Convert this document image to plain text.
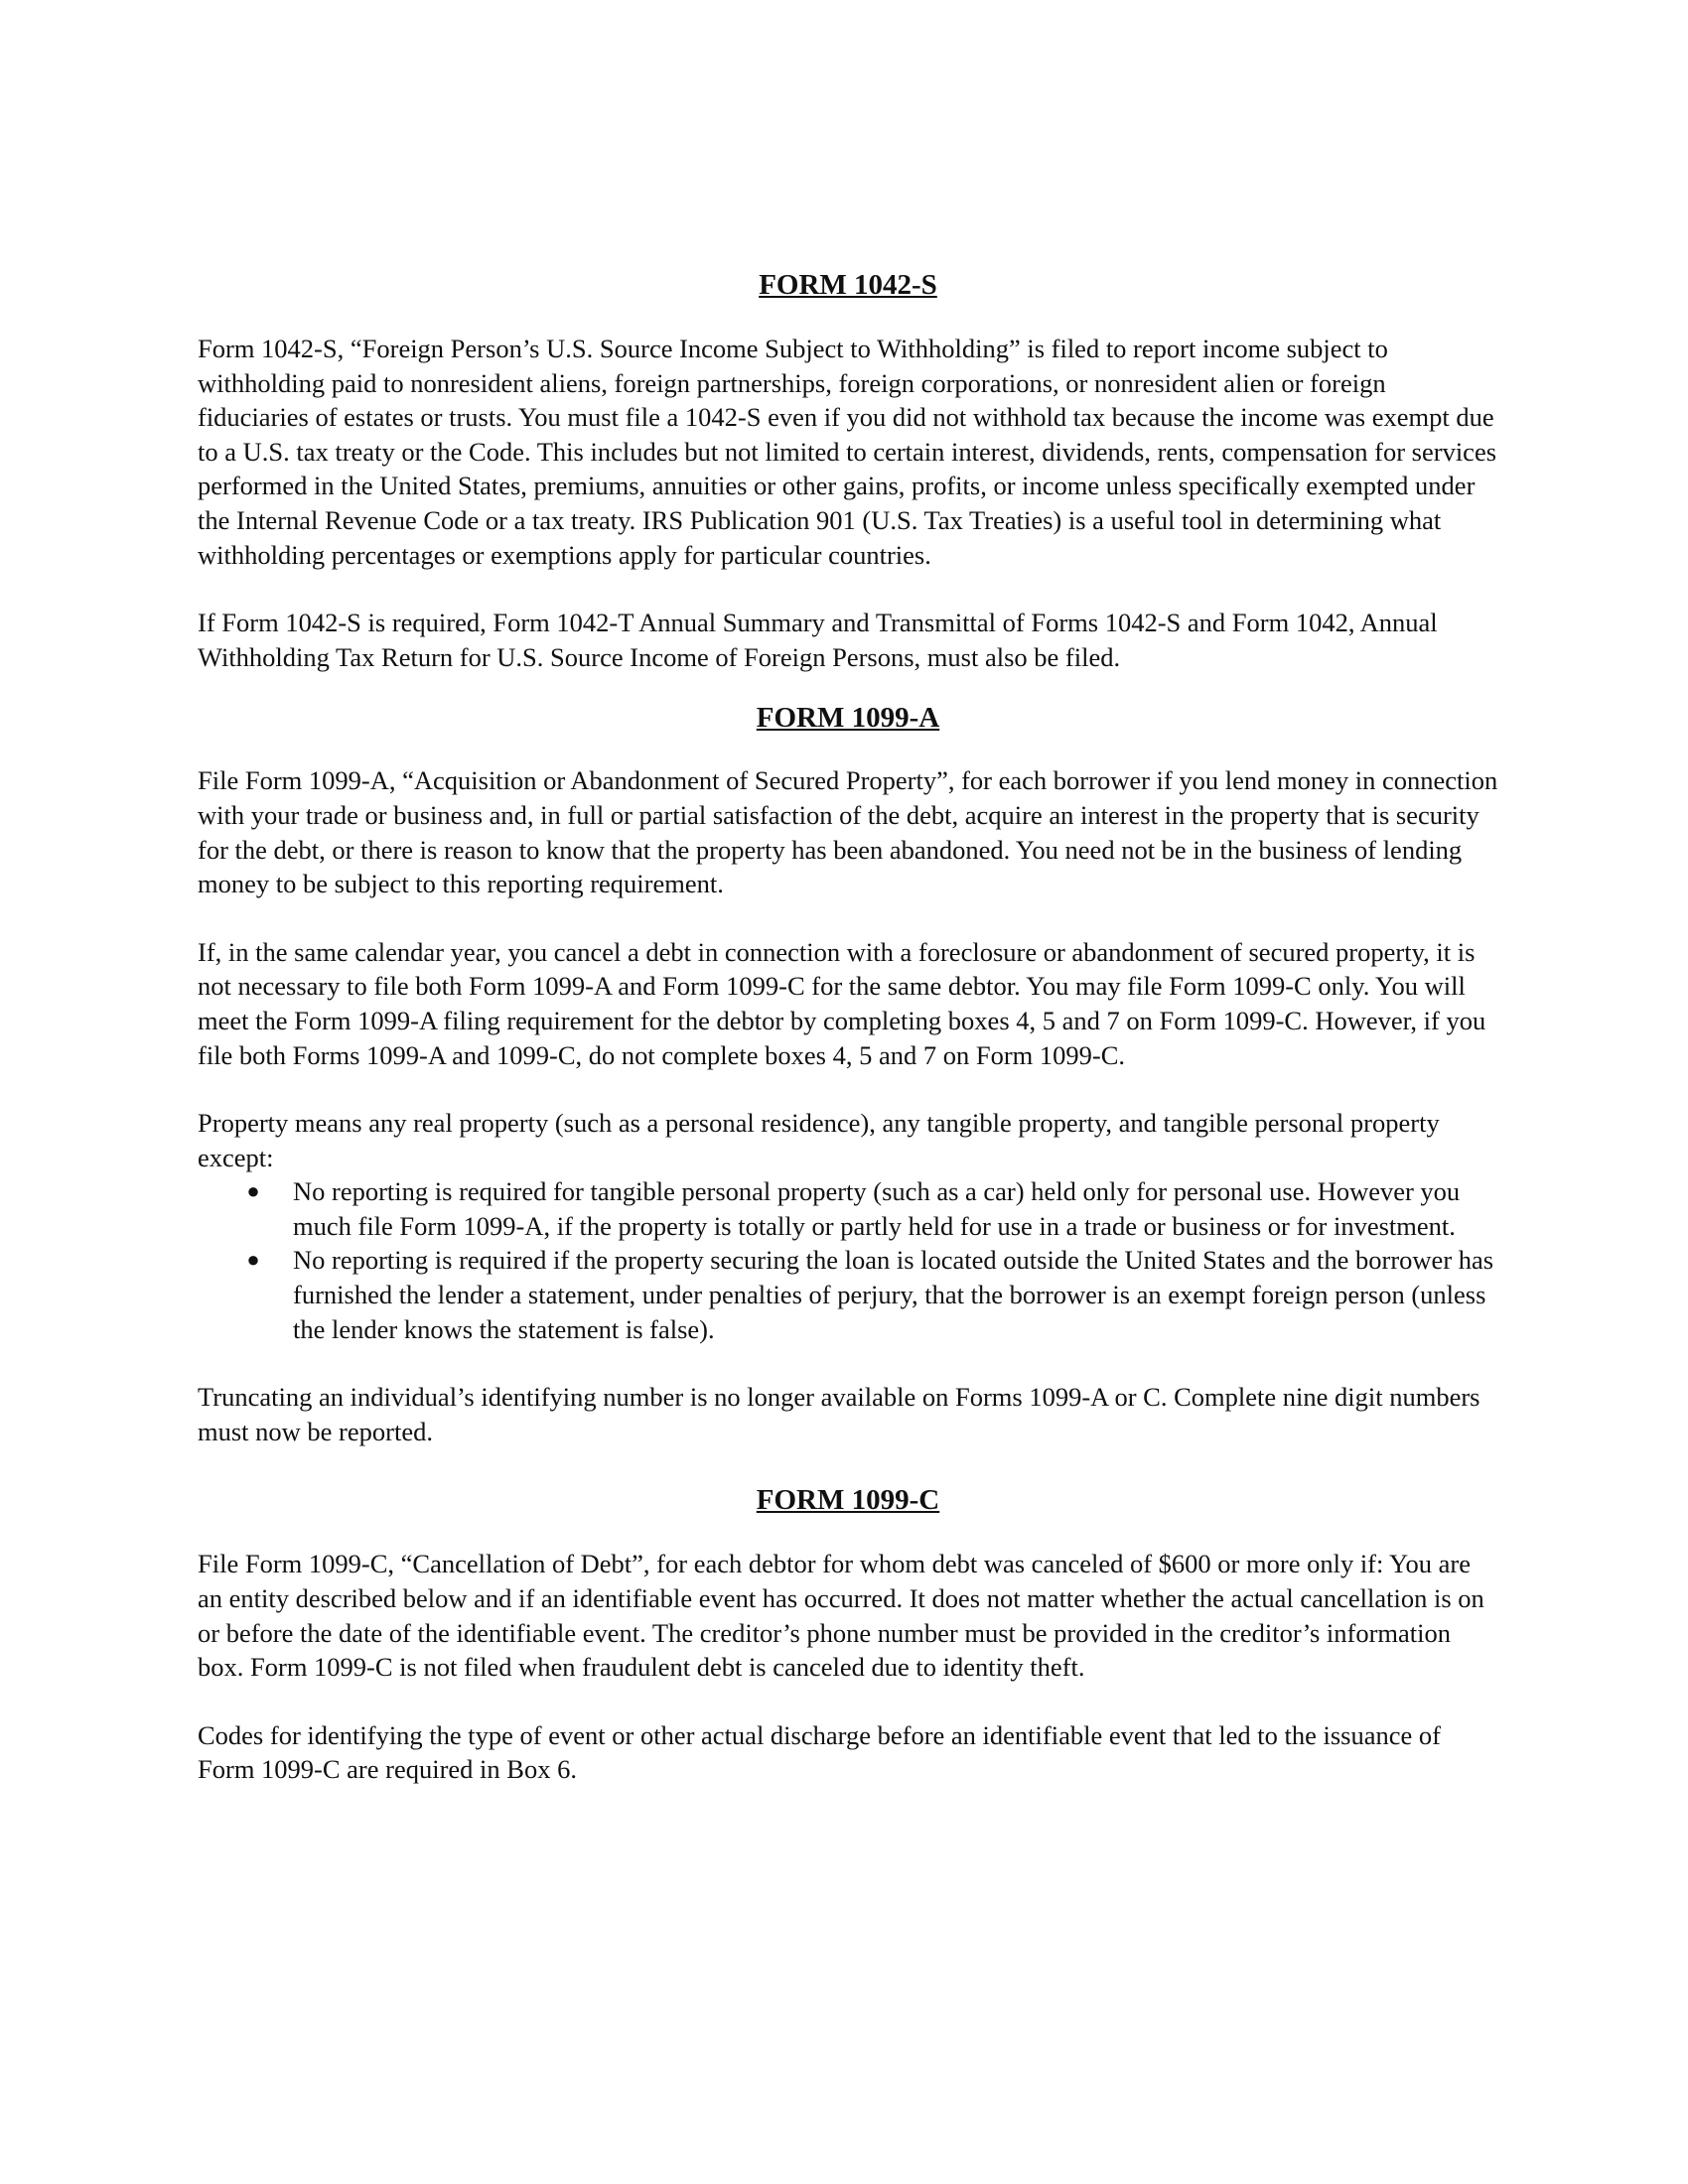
FORM 1042-S

Form 1042-S, “Foreign Person’s U.S. Source Income Subject to Withholding” is filed to report income subject to withholding paid to nonresident aliens, foreign partnerships, foreign corporations, or nonresident alien or foreign fiduciaries of estates or trusts. You must file a 1042-S even if you did not withhold tax because the income was exempt due to a U.S. tax treaty or the Code. This includes but not limited to certain interest, dividends, rents, compensation for services performed in the United States, premiums, annuities or other gains, profits, or income unless specifically exempted under the Internal Revenue Code or a tax treaty. IRS Publication 901 (U.S. Tax Treaties) is a useful tool in determining what withholding percentages or exemptions apply for particular countries.

If Form 1042-S is required, Form 1042-T Annual Summary and Transmittal of Forms 1042-S and Form 1042, Annual Withholding Tax Return for U.S. Source Income of Foreign Persons, must also be filed.

FORM 1099-A

File Form 1099-A, “Acquisition or Abandonment of Secured Property”, for each borrower if you lend money in connection with your trade or business and, in full or partial satisfaction of the debt, acquire an interest in the property that is security for the debt, or there is reason to know that the property has been abandoned. You need not be in the business of lending money to be subject to this reporting requirement.

If, in the same calendar year, you cancel a debt in connection with a foreclosure or abandonment of secured property, it is not necessary to file both Form 1099-A and Form 1099-C for the same debtor. You may file Form 1099-C only. You will meet the Form 1099-A filing requirement for the debtor by completing boxes 4, 5 and 7 on Form 1099-C. However, if you file both Forms 1099-A and 1099-C, do not complete boxes 4, 5 and 7 on Form 1099-C.

Property means any real property (such as a personal residence), any tangible property, and tangible personal property except:

● No reporting is required for tangible personal property (such as a car) held only for personal use. However you much file Form 1099-A, if the property is totally or partly held for use in a trade or business or for investment.
● No reporting is required if the property securing the loan is located outside the United States and the borrower has furnished the lender a statement, under penalties of perjury, that the borrower is an exempt foreign person (unless the lender knows the statement is false).

Truncating an individual’s identifying number is no longer available on Forms 1099-A or C. Complete nine digit numbers must now be reported.

FORM 1099-C

File Form 1099-C, “Cancellation of Debt”, for each debtor for whom debt was canceled of $600 or more only if: You are an entity described below and if an identifiable event has occurred. It does not matter whether the actual cancellation is on or before the date of the identifiable event. The creditor’s phone number must be provided in the creditor’s information box. Form 1099-C is not filed when fraudulent debt is canceled due to identity theft.

Codes for identifying the type of event or other actual discharge before an identifiable event that led to the issuance of Form 1099-C are required in Box 6.
